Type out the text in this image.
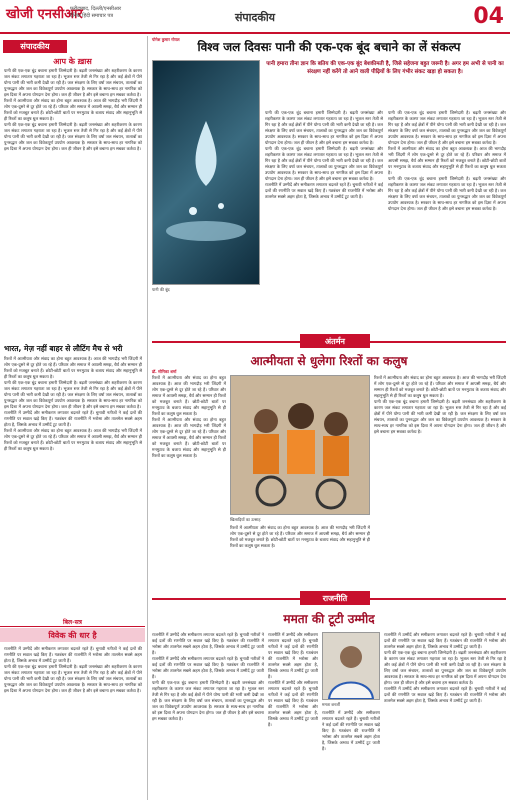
खोजी एनसीआर
फरीदाबाद, दिल्ली/एनसीआर
दैनिक हिंदी समाचार पत्र	संपादकीय	04
संपादकीय
आप के ख़ास

पानी की एक-एक बूंद बचाना हमारी जिम्मेदारी है। बढ़ती जनसंख्या और शहरीकरण के कारण जल संकट लगातार गहराता जा रहा है। भूजल स्तर तेजी से गिर रहा है और कई क्षेत्रों में पीने योग्य पानी की भारी कमी देखी जा रही है। जल संरक्षण के लिए वर्षा जल संचयन, तालाबों का पुनरुद्धार और जल का विवेकपूर्ण उपयोग आवश्यक है। सरकार के साथ-साथ हर नागरिक को इस दिशा में अपना योगदान देना होगा। जल ही जीवन है और इसे बचाना हम सबका कर्तव्य है।

रिश्तों में आत्मीयता और संवाद का होना बहुत आवश्यक है। आज की भागदौड़ भरी जिंदगी में लोग एक-दूसरे से दूर होते जा रहे हैं। परिवार और समाज में आपसी समझ, धैर्य और सम्मान ही रिश्तों को मजबूत बनाते हैं। छोटी-छोटी बातों पर मनमुटाव के बजाय संवाद और सहानुभूति से ही रिश्तों का कलुष धुल सकता है।

पानी की एक-एक बूंद बचाना हमारी जिम्मेदारी है। बढ़ती जनसंख्या और शहरीकरण के कारण जल संकट लगातार गहराता जा रहा है। भूजल स्तर तेजी से गिर रहा है और कई क्षेत्रों में पीने योग्य पानी की भारी कमी देखी जा रही है। जल संरक्षण के लिए वर्षा जल संचयन, तालाबों का पुनरुद्धार और जल का विवेकपूर्ण उपयोग आवश्यक है। सरकार के साथ-साथ हर नागरिक को इस दिशा में अपना योगदान देना होगा। जल ही जीवन है और इसे बचाना हम सबका कर्तव्य है।

भारत, मेज़ नहीं बाहर से लौटिंग मैच से भरी

रिश्तों में आत्मीयता और संवाद का होना बहुत आवश्यक है। आज की भागदौड़ भरी जिंदगी में लोग एक-दूसरे से दूर होते जा रहे हैं। परिवार और समाज में आपसी समझ, धैर्य और सम्मान ही रिश्तों को मजबूत बनाते हैं। छोटी-छोटी बातों पर मनमुटाव के बजाय संवाद और सहानुभूति से ही रिश्तों का कलुष धुल सकता है।

पानी की एक-एक बूंद बचाना हमारी जिम्मेदारी है। बढ़ती जनसंख्या और शहरीकरण के कारण जल संकट लगातार गहराता जा रहा है। भूजल स्तर तेजी से गिर रहा है और कई क्षेत्रों में पीने योग्य पानी की भारी कमी देखी जा रही है। जल संरक्षण के लिए वर्षा जल संचयन, तालाबों का पुनरुद्धार और जल का विवेकपूर्ण उपयोग आवश्यक है। सरकार के साथ-साथ हर नागरिक को इस दिशा में अपना योगदान देना होगा। जल ही जीवन है और इसे बचाना हम सबका कर्तव्य है।

राजनीति में उम्मीदें और समीकरण लगातार बदलते रहते हैं। चुनावी नतीजों ने कई दलों की रणनीति पर सवाल खड़े किए हैं। गठबंधन की राजनीति में भरोसा और तालमेल सबसे अहम होता है, जिसके अभाव में उम्मीदें टूट जाती हैं।

रिश्तों में आत्मीयता और संवाद का होना बहुत आवश्यक है। आज की भागदौड़ भरी जिंदगी में लोग एक-दूसरे से दूर होते जा रहे हैं। परिवार और समाज में आपसी समझ, धैर्य और सम्मान ही रिश्तों को मजबूत बनाते हैं। छोटी-छोटी बातों पर मनमुटाव के बजाय संवाद और सहानुभूति से ही रिश्तों का कलुष धुल सकता है।

बिल-सत्र
विवेक की धार है

राजनीति में उम्मीदें और समीकरण लगातार बदलते रहते हैं। चुनावी नतीजों ने कई दलों की रणनीति पर सवाल खड़े किए हैं। गठबंधन की राजनीति में भरोसा और तालमेल सबसे अहम होता है, जिसके अभाव में उम्मीदें टूट जाती हैं।

पानी की एक-एक बूंद बचाना हमारी जिम्मेदारी है। बढ़ती जनसंख्या और शहरीकरण के कारण जल संकट लगातार गहराता जा रहा है। भूजल स्तर तेजी से गिर रहा है और कई क्षेत्रों में पीने योग्य पानी की भारी कमी देखी जा रही है। जल संरक्षण के लिए वर्षा जल संचयन, तालाबों का पुनरुद्धार और जल का विवेकपूर्ण उपयोग आवश्यक है। सरकार के साथ-साथ हर नागरिक को इस दिशा में अपना योगदान देना होगा। जल ही जीवन है और इसे बचाना हम सबका कर्तव्य है।

योगेश कुमार गोयल
विश्व जल दिवसः पानी की एक-एक बूंद बचाने का लें संकल्प
पानी हमारा तीना ज्ञान कि बतिय की एक-एक बूंद बेशकीमती है, जिसे सहेजना बहुत जरूरी है। अगर हम अभी से पानी का संरक्षण नहीं करेंगे तो आने वाली पीढ़ियों के लिए गंभीर संकट खड़ा हो सकता है।
पानी की बूंद

पानी की एक-एक बूंद बचाना हमारी जिम्मेदारी है। बढ़ती जनसंख्या और शहरीकरण के कारण जल संकट लगातार गहराता जा रहा है। भूजल स्तर तेजी से गिर रहा है और कई क्षेत्रों में पीने योग्य पानी की भारी कमी देखी जा रही है। जल संरक्षण के लिए वर्षा जल संचयन, तालाबों का पुनरुद्धार और जल का विवेकपूर्ण उपयोग आवश्यक है। सरकार के साथ-साथ हर नागरिक को इस दिशा में अपना योगदान देना होगा। जल ही जीवन है और इसे बचाना हम सबका कर्तव्य है।

पानी की एक-एक बूंद बचाना हमारी जिम्मेदारी है। बढ़ती जनसंख्या और शहरीकरण के कारण जल संकट लगातार गहराता जा रहा है। भूजल स्तर तेजी से गिर रहा है और कई क्षेत्रों में पीने योग्य पानी की भारी कमी देखी जा रही है। जल संरक्षण के लिए वर्षा जल संचयन, तालाबों का पुनरुद्धार और जल का विवेकपूर्ण उपयोग आवश्यक है। सरकार के साथ-साथ हर नागरिक को इस दिशा में अपना योगदान देना होगा। जल ही जीवन है और इसे बचाना हम सबका कर्तव्य है।

राजनीति में उम्मीदें और समीकरण लगातार बदलते रहते हैं। चुनावी नतीजों ने कई दलों की रणनीति पर सवाल खड़े किए हैं। गठबंधन की राजनीति में भरोसा और तालमेल सबसे अहम होता है, जिसके अभाव में उम्मीदें टूट जाती हैं।

पानी की एक-एक बूंद बचाना हमारी जिम्मेदारी है। बढ़ती जनसंख्या और शहरीकरण के कारण जल संकट लगातार गहराता जा रहा है। भूजल स्तर तेजी से गिर रहा है और कई क्षेत्रों में पीने योग्य पानी की भारी कमी देखी जा रही है। जल संरक्षण के लिए वर्षा जल संचयन, तालाबों का पुनरुद्धार और जल का विवेकपूर्ण उपयोग आवश्यक है। सरकार के साथ-साथ हर नागरिक को इस दिशा में अपना योगदान देना होगा। जल ही जीवन है और इसे बचाना हम सबका कर्तव्य है।

रिश्तों में आत्मीयता और संवाद का होना बहुत आवश्यक है। आज की भागदौड़ भरी जिंदगी में लोग एक-दूसरे से दूर होते जा रहे हैं। परिवार और समाज में आपसी समझ, धैर्य और सम्मान ही रिश्तों को मजबूत बनाते हैं। छोटी-छोटी बातों पर मनमुटाव के बजाय संवाद और सहानुभूति से ही रिश्तों का कलुष धुल सकता है।

पानी की एक-एक बूंद बचाना हमारी जिम्मेदारी है। बढ़ती जनसंख्या और शहरीकरण के कारण जल संकट लगातार गहराता जा रहा है। भूजल स्तर तेजी से गिर रहा है और कई क्षेत्रों में पीने योग्य पानी की भारी कमी देखी जा रही है। जल संरक्षण के लिए वर्षा जल संचयन, तालाबों का पुनरुद्धार और जल का विवेकपूर्ण उपयोग आवश्यक है। सरकार के साथ-साथ हर नागरिक को इस दिशा में अपना योगदान देना होगा। जल ही जीवन है और इसे बचाना हम सबका कर्तव्य है।

अंतर्मन
आत्मीयता से धुलेगा रिश्तों का कलुष
डॉ. मोनिका शर्मा
खिलाड़ियों का उत्साह

रिश्तों में आत्मीयता और संवाद का होना बहुत आवश्यक है। आज की भागदौड़ भरी जिंदगी में लोग एक-दूसरे से दूर होते जा रहे हैं। परिवार और समाज में आपसी समझ, धैर्य और सम्मान ही रिश्तों को मजबूत बनाते हैं। छोटी-छोटी बातों पर मनमुटाव के बजाय संवाद और सहानुभूति से ही रिश्तों का कलुष धुल सकता है।

रिश्तों में आत्मीयता और संवाद का होना बहुत आवश्यक है। आज की भागदौड़ भरी जिंदगी में लोग एक-दूसरे से दूर होते जा रहे हैं। परिवार और समाज में आपसी समझ, धैर्य और सम्मान ही रिश्तों को मजबूत बनाते हैं। छोटी-छोटी बातों पर मनमुटाव के बजाय संवाद और सहानुभूति से ही रिश्तों का कलुष धुल सकता है।

रिश्तों में आत्मीयता और संवाद का होना बहुत आवश्यक है। आज की भागदौड़ भरी जिंदगी में लोग एक-दूसरे से दूर होते जा रहे हैं। परिवार और समाज में आपसी समझ, धैर्य और सम्मान ही रिश्तों को मजबूत बनाते हैं। छोटी-छोटी बातों पर मनमुटाव के बजाय संवाद और सहानुभूति से ही रिश्तों का कलुष धुल सकता है।

पानी की एक-एक बूंद बचाना हमारी जिम्मेदारी है। बढ़ती जनसंख्या और शहरीकरण के कारण जल संकट लगातार गहराता जा रहा है। भूजल स्तर तेजी से गिर रहा है और कई क्षेत्रों में पीने योग्य पानी की भारी कमी देखी जा रही है। जल संरक्षण के लिए वर्षा जल संचयन, तालाबों का पुनरुद्धार और जल का विवेकपूर्ण उपयोग आवश्यक है। सरकार के साथ-साथ हर नागरिक को इस दिशा में अपना योगदान देना होगा। जल ही जीवन है और इसे बचाना हम सबका कर्तव्य है।

रिश्तों में आत्मीयता और संवाद का होना बहुत आवश्यक है। आज की भागदौड़ भरी जिंदगी में लोग एक-दूसरे से दूर होते जा रहे हैं। परिवार और समाज में आपसी समझ, धैर्य और सम्मान ही रिश्तों को मजबूत बनाते हैं। छोटी-छोटी बातों पर मनमुटाव के बजाय संवाद और सहानुभूति से ही रिश्तों का कलुष धुल सकता है।

राजनीति
ममता की टूटी उम्मीद

राजनीति में उम्मीदें और समीकरण लगातार बदलते रहते हैं। चुनावी नतीजों ने कई दलों की रणनीति पर सवाल खड़े किए हैं। गठबंधन की राजनीति में भरोसा और तालमेल सबसे अहम होता है, जिसके अभाव में उम्मीदें टूट जाती हैं।

राजनीति में उम्मीदें और समीकरण लगातार बदलते रहते हैं। चुनावी नतीजों ने कई दलों की रणनीति पर सवाल खड़े किए हैं। गठबंधन की राजनीति में भरोसा और तालमेल सबसे अहम होता है, जिसके अभाव में उम्मीदें टूट जाती हैं।

पानी की एक-एक बूंद बचाना हमारी जिम्मेदारी है। बढ़ती जनसंख्या और शहरीकरण के कारण जल संकट लगातार गहराता जा रहा है। भूजल स्तर तेजी से गिर रहा है और कई क्षेत्रों में पीने योग्य पानी की भारी कमी देखी जा रही है। जल संरक्षण के लिए वर्षा जल संचयन, तालाबों का पुनरुद्धार और जल का विवेकपूर्ण उपयोग आवश्यक है। सरकार के साथ-साथ हर नागरिक को इस दिशा में अपना योगदान देना होगा। जल ही जीवन है और इसे बचाना हम सबका कर्तव्य है।

राजनीति में उम्मीदें और समीकरण लगातार बदलते रहते हैं। चुनावी नतीजों ने कई दलों की रणनीति पर सवाल खड़े किए हैं। गठबंधन की राजनीति में भरोसा और तालमेल सबसे अहम होता है, जिसके अभाव में उम्मीदें टूट जाती हैं।

राजनीति में उम्मीदें और समीकरण लगातार बदलते रहते हैं। चुनावी नतीजों ने कई दलों की रणनीति पर सवाल खड़े किए हैं। गठबंधन की राजनीति में भरोसा और तालमेल सबसे अहम होता है, जिसके अभाव में उम्मीदें टूट जाती हैं।

ममता बनर्जी

राजनीति में उम्मीदें और समीकरण लगातार बदलते रहते हैं। चुनावी नतीजों ने कई दलों की रणनीति पर सवाल खड़े किए हैं। गठबंधन की राजनीति में भरोसा और तालमेल सबसे अहम होता है, जिसके अभाव में उम्मीदें टूट जाती हैं।

राजनीति में उम्मीदें और समीकरण लगातार बदलते रहते हैं। चुनावी नतीजों ने कई दलों की रणनीति पर सवाल खड़े किए हैं। गठबंधन की राजनीति में भरोसा और तालमेल सबसे अहम होता है, जिसके अभाव में उम्मीदें टूट जाती हैं।

पानी की एक-एक बूंद बचाना हमारी जिम्मेदारी है। बढ़ती जनसंख्या और शहरीकरण के कारण जल संकट लगातार गहराता जा रहा है। भूजल स्तर तेजी से गिर रहा है और कई क्षेत्रों में पीने योग्य पानी की भारी कमी देखी जा रही है। जल संरक्षण के लिए वर्षा जल संचयन, तालाबों का पुनरुद्धार और जल का विवेकपूर्ण उपयोग आवश्यक है। सरकार के साथ-साथ हर नागरिक को इस दिशा में अपना योगदान देना होगा। जल ही जीवन है और इसे बचाना हम सबका कर्तव्य है।

राजनीति में उम्मीदें और समीकरण लगातार बदलते रहते हैं। चुनावी नतीजों ने कई दलों की रणनीति पर सवाल खड़े किए हैं। गठबंधन की राजनीति में भरोसा और तालमेल सबसे अहम होता है, जिसके अभाव में उम्मीदें टूट जाती हैं।
